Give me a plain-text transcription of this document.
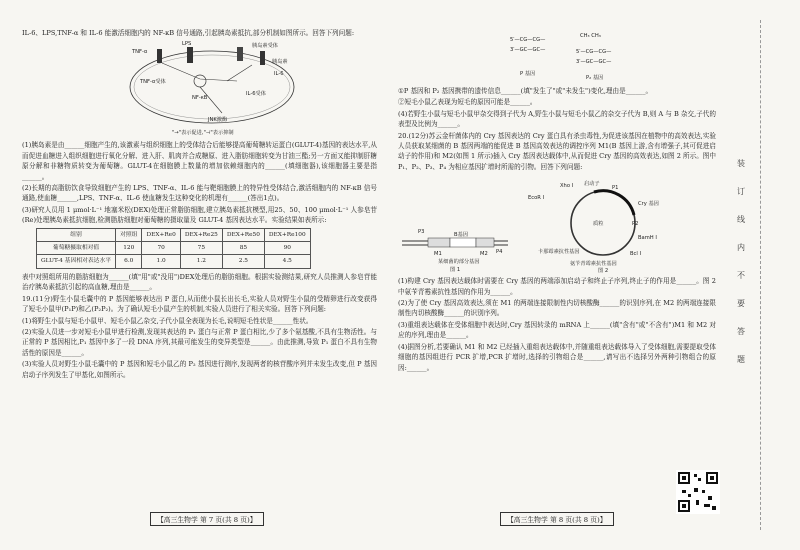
IL-6、LPS,TNF-α 和 IL-6 能激活细胞内的 NF-κB 信号通路,引起胰岛素抵抗,部分机制如图所示。回答下列问题:

TNF-α
LPS	胰岛素受体
胰岛素
IL-6
TNF-α受体
NF-κB
IL-6受体
JNK激酶
"→"表示促进,"⊣"表示抑制

(1)胰岛素是由______细胞产生的,该激素与组织细胞上的受体结合后能够提高葡萄糖转运蛋白(GLUT-4)基因的表达水平,从而促进血糖进入组织细胞进行氧化分解、进入肝、肌肉并合成糖原、进入脂肪细胞转变为甘油三酯;另一方面又能抑制肝糖原分解和非糖物质转变为葡萄糖。GLUT-4在细胞膜上数量的增加依赖细胞内的______(填细胞器),该细胞器主要是指______。

(2)长期的高脂肪饮食导致细胞产生的 LPS、TNF-α、IL-6 能与靶细胞膜上的特异性受体结合,激活细胞内的 NF-κB 信号通路,使血糖______,LPS、TNF-α、IL-6 使血糖发生这种变化的机理有______(答出1点)。

(3)研究人员用 1 μmol·L⁻¹ 地塞米松(DEX)处理正常脂肪细胞,建立胰岛素抵抗模型,用25、50、100 μmol·L⁻¹ 人参皂苷(Re)处理胰岛素抵抗细胞,检测脂肪细胞对葡萄糖的摄取量及 GLUT-4 基因表达水平。实验结果如表所示:

组别	对照组	DEX+Re0	DEX+Re25	DEX+Re50	DEX+Re100
葡萄糖摄取相对值	120	70	75	85	90
GLUT-4 基因相对表达水平	6.0	1.0	1.2	2.5	4.5

表中对照组所用的脂肪细胞为______(填"用"或"没用")DEX处理后的脂肪细胞。根据实验测结果,研究人员推测人参皂苷能治疗胰岛素抵抗引起的高血糖,理由是______。

19.(11分)野生小鼠毛囊中的 P 基因能够表达出 P 蛋白,从而使小鼠长出长毛,实验人员对野生小鼠的受精卵进行改变获得了短毛小鼠甲(P₁P)和乙(P₂P₂)。为了确认短毛小鼠产生的机制,实验人员进行了相关实验。回答下列问题:

(1)将野生小鼠与短毛小鼠甲、短毛小鼠乙杂交,子代小鼠全表现为长毛,说明短毛性状是______性状。

(2)实验人员进一步对短毛小鼠甲进行检测,发现其表达的 P₁ 蛋白与正常 P 蛋白相比,少了多个氨基酸,不具有生物活性。与正常的 P 基因相比,P₁ 基因中多了一段 DNA 序列,其最可能发生的变异类型是______。由此推测,导致 P₁ 蛋白不具有生物活性的原因是______。

(3)实验人员对野生小鼠毛囊中的 P 基因和短毛小鼠乙的 P₂ 基因进行测序,发现两者的核苷酸序列并未发生改变,但 P 基因启动子序列发生了甲基化,如图所示。

【高三生物学 第 7 页(共 8 页)】
5′—CG—CG—
3′—GC—GC—
P 基因
CH₃ CH₃
5′—CG—CG—
3′—GC—GC—
P₂ 基因

①P 基因和 P₂ 基因携带的遗传信息______(填"发生了"或"未发生")变化,理由是______。

②短毛小鼠乙表现为短毛的原因可能是______。

(4)若野生小鼠与短毛小鼠甲杂交得到子代为 A,野生小鼠与短毛小鼠乙的杂交子代为 B,则 A 与 B 杂交,子代的表型及比例为______。

20.(12分)苏云金杆菌体内的 Cry 基因表达的 Cry 蛋白具有杀虫毒性,为促进该基因在植物中的高效表达,实验人员获取某细菌的 B 基因两端的能促进 B 基因高效表达的调控序列 M1(B 基因上游,含有增强子,其可促进启动子的作用)和 M2(如图 1 所示)插入 Cry 基因表达载体中,从而促进 Cry 基因的高效表达,如图 2 所示。图中 P₁、P₂、P₃、P₄ 为相应基因扩增时所需的引物。回答下列问题:

M1
B基因
M2
P3
P4
某细菌的部分基因
图 1
质粒
启动子
Cry 基因
EcoR Ⅰ
Xho Ⅰ
BamH Ⅰ
Bcl Ⅰ
氨苄青霉素抗性基因
P1
P2
卡那霉素抗性基因
图 2

(1)构建 Cry 基因表达载体时需要在 Cry 基因的两端添加启动子和终止子序列,终止子的作用是______。图 2 中氨苄青霉素抗性基因的作用为______。

(2)为了使 Cry 基因高效表达,须在 M1 的两端连接限制性内切核酸酶______的识别序列,在 M2 的两端连接限制性内切核酸酶______的识别序列。

(3)重组表达载体在受体细胞中表达时,Cry 基因转录的 mRNA 上______(填"含有"或"不含有")M1 和 M2 对应的序列,理由是______。

(4)据图分析,若要确认 M1 和 M2 已经插入重组表达载体中,并随重组表达载体导入了受体细胞,需要提取受体细胞的基因组进行 PCR 扩增,PCR 扩增时,选择的引物组合是______,请写出不选择另外两种引物组合的原因:______。

【高三生物学 第 8 页(共 8 页)】
装
订
线
内
不
要
答
题
